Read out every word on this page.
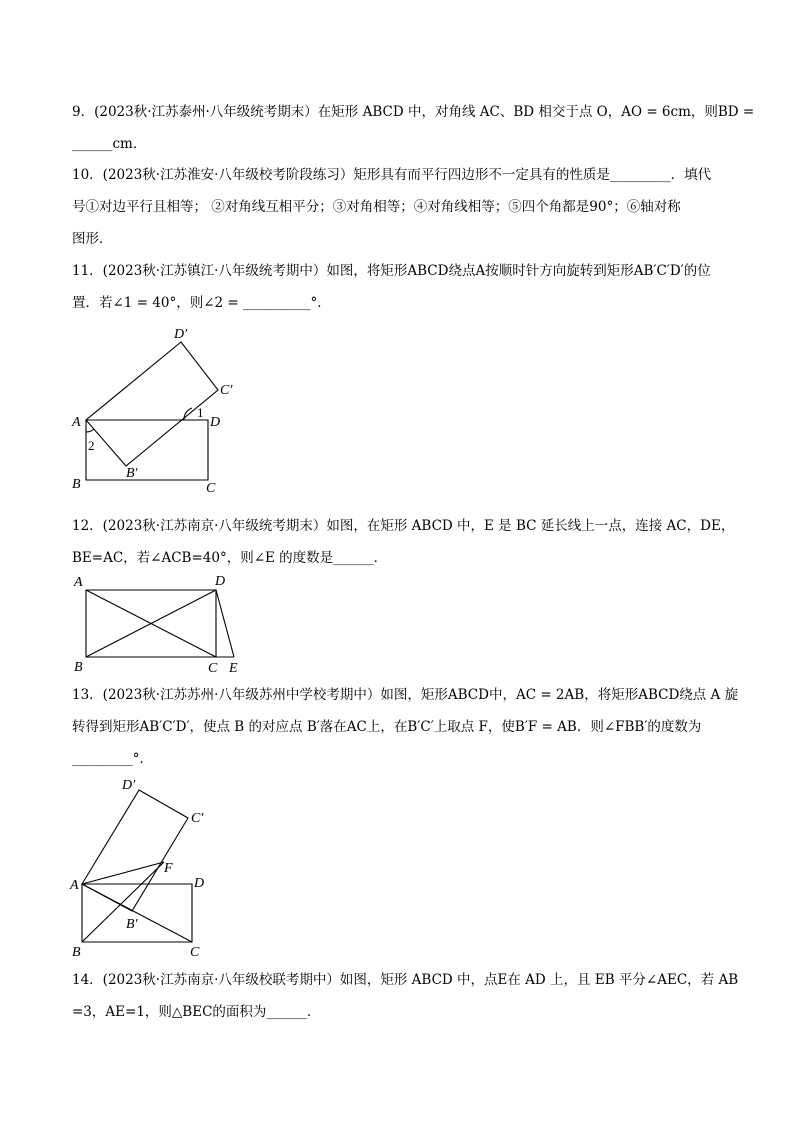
9．(2023秋·江苏泰州·八年级统考期末）在矩形 ABCD 中，对角线 AC、BD 相交于点 O，AO = 6cm，则BD =
______cm．
10．(2023秋·江苏淮安·八年级校考阶段练习）矩形具有而平行四边形不一定具有的性质是_________．填代
号①对边平行且相等； ②对角线互相平分；③对角相等；④对角线相等；⑤四个角都是90°；⑥轴对称
图形．
11．(2023秋·江苏镇江·八年级统考期中）如图，将矩形ABCD绕点A按顺时针方向旋转到矩形AB′C′D′的位
置．若∠1 = 40°，则∠2 = __________°．
D′
C′
A
1
D
2
B′
B	C
12．(2023秋·江苏南京·八年级统考期末）如图，在矩形 ABCD 中，E 是 BC 延长线上一点，连接 AC，DE，
BE=AC，若∠ACB=40°，则∠E 的度数是______．
A	D
B	C E
13．(2023秋·江苏苏州·八年级苏州中学校考期中）如图，矩形ABCD中，AC = 2AB，将矩形ABCD绕点 A 旋
转得到矩形AB′C′D′，使点 B 的对应点 B′落在AC上，在B′C′上取点 F，使B′F = AB．则∠FBB′的度数为
_________°．
D′
C′
F
A	D
B′
B	C
14．(2023秋·江苏南京·八年级校联考期中）如图，矩形 ABCD 中，点E在 AD 上，且 EB 平分∠AEC，若 AB
=3，AE=1，则△BEC的面积为______．
